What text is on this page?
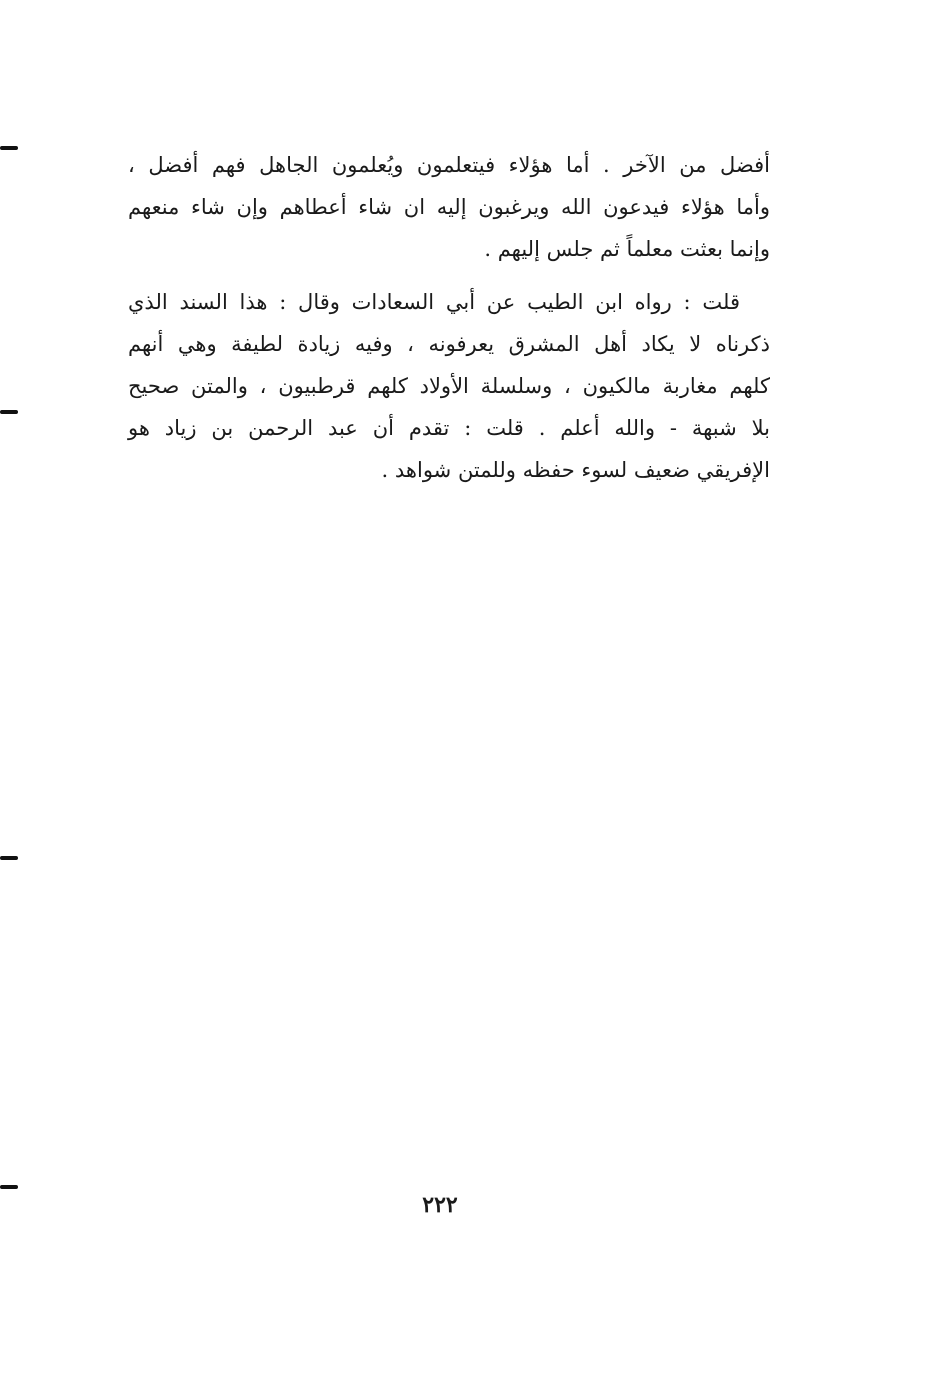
أفضل من الآخر . أما هؤلاء فيتعلمون ويُعلمون الجاهل فهم أفضل ،
وأما هؤلاء فيدعون الله ويرغبون إليه ان شاء أعطاهم وإن شاء منعهم
وإنما بعثت معلماً ثم جلس إليهم .
قلت : رواه ابن الطيب عن أبي السعادات وقال : هذا السند الذي
ذكرناه لا يكاد أهل المشرق يعرفونه ، وفيه زيادة لطيفة وهي أنهم
كلهم مغاربة مالكيون ، وسلسلة الأولاد كلهم قرطبيون ، والمتن صحيح
بلا شبهة - والله أعلم . قلت : تقدم أن عبد الرحمن بن زياد هو
الإفريقي ضعيف لسوء حفظه وللمتن شواهد .
٢٢٢
